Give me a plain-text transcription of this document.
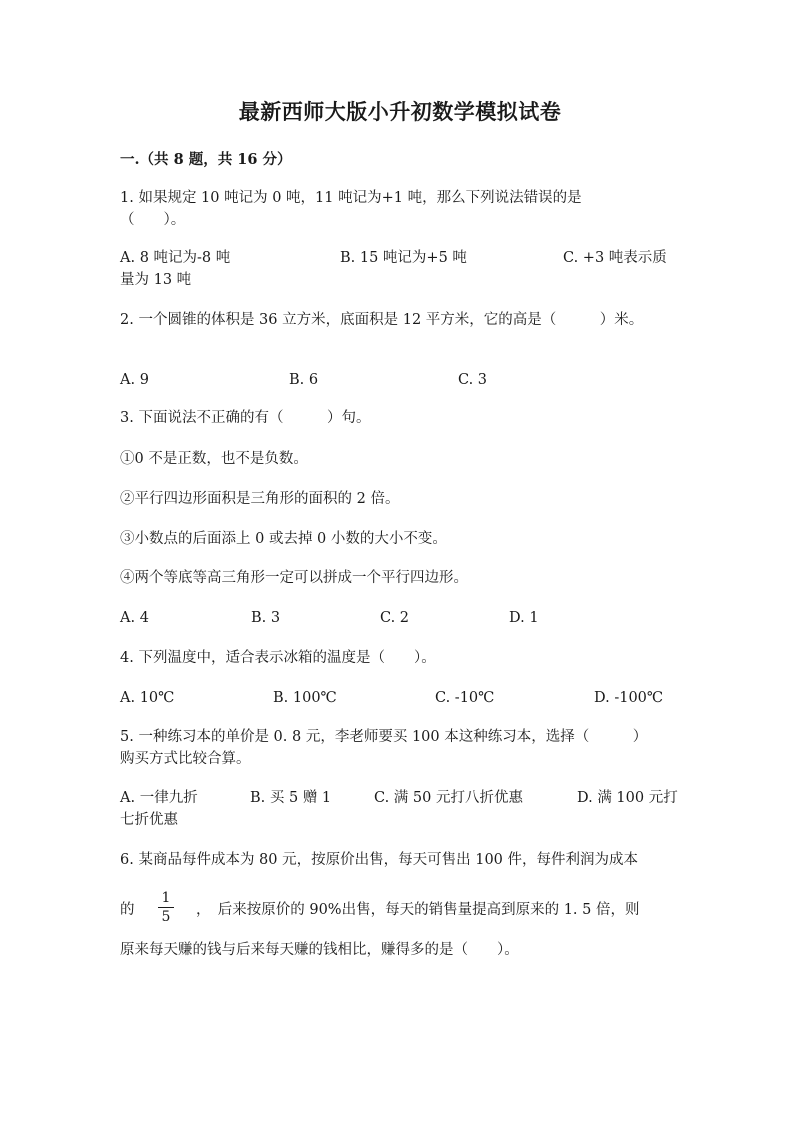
最新西师大版小升初数学模拟试卷
一.（共 8 题，共 16 分）
1. 如果规定 10 吨记为 0 吨，11 吨记为+1 吨，那么下列说法错误的是
（　　）。
A. 8 吨记为-8 吨	B. 15 吨记为+5 吨	C. +3 吨表示质
量为 13 吨
2. 一个圆锥的体积是 36 立方米，底面积是 12 平方米，它的高是（　　　）米。
A. 9	B. 6	C. 3
3. 下面说法不正确的有（　　　）句。
①0 不是正数，也不是负数。
②平行四边形面积是三角形的面积的 2 倍。
③小数点的后面添上 0 或去掉 0 小数的大小不变。
④两个等底等高三角形一定可以拼成一个平行四边形。
A. 4	B. 3	C. 2	D. 1
4. 下列温度中，适合表示冰箱的温度是（　　）。
A. 10℃	B. 100℃	C. -10℃	D. -100℃
5. 一种练习本的单价是 0. 8 元，李老师要买 100 本这种练习本，选择（　　　）
购买方式比较合算。
A. 一律九折	B. 买 5 赠 1	C. 满 50 元打八折优惠	D. 满 100 元打
七折优惠
6. 某商品每件成本为 80 元，按原价出售，每天可售出 100 件，每件利润为成本
的
1
5	，　后来按原价的 90%出售，每天的销售量提高到原来的 1. 5 倍，则
原来每天赚的钱与后来每天赚的钱相比，赚得多的是（　　）。
